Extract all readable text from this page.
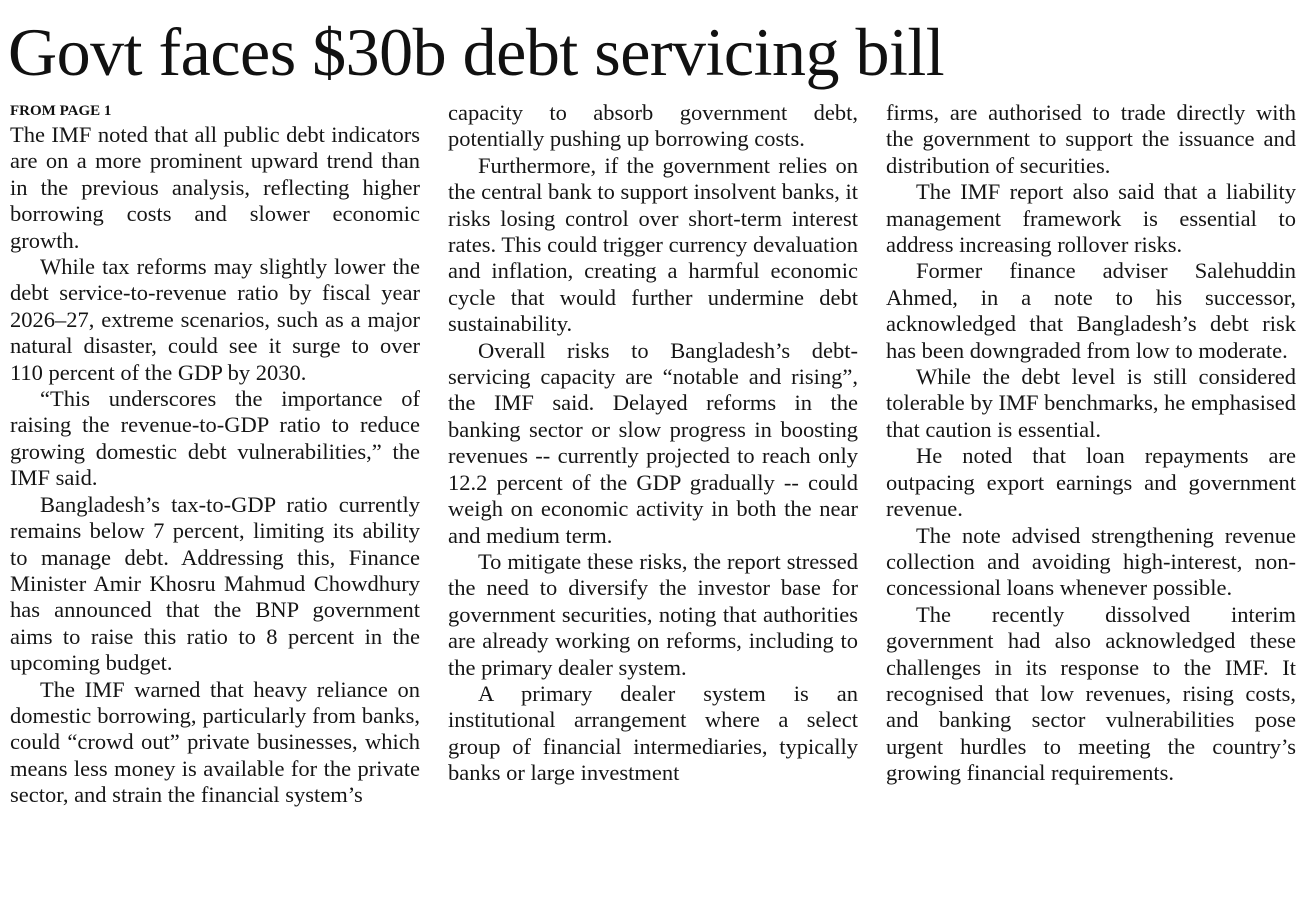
Govt faces $30b debt servicing bill
FROM PAGE 1

The IMF noted that all public debt indicators are on a more prominent upward trend than in the previous analysis, reflecting higher borrowing costs and slower economic growth.

While tax reforms may slightly lower the debt service-to-revenue ratio by fiscal year 2026–27, extreme scenarios, such as a major natural disaster, could see it surge to over 110 percent of the GDP by 2030.

“This underscores the importance of raising the revenue-to-GDP ratio to reduce growing domestic debt vulnerabilities,” the IMF said.

Bangladesh’s tax-to-GDP ratio currently remains below 7 percent, limiting its ability to manage debt. Addressing this, Finance Minister Amir Khosru Mahmud Chowdhury has announced that the BNP government aims to raise this ratio to 8 percent in the upcoming budget.

The IMF warned that heavy reliance on domestic borrowing, particularly from banks, could “crowd out” private businesses, which means less money is available for the private sector, and strain the financial system’s

capacity to absorb government debt, potentially pushing up borrowing costs.

Furthermore, if the government relies on the central bank to support insolvent banks, it risks losing control over short-term interest rates. This could trigger currency devaluation and inflation, creating a harmful economic cycle that would further undermine debt sustainability.

Overall risks to Bangladesh’s debt-servicing capacity are “notable and rising”, the IMF said. Delayed reforms in the banking sector or slow progress in boosting revenues -- currently projected to reach only 12.2 percent of the GDP gradually -- could weigh on economic activity in both the near and medium term.

To mitigate these risks, the report stressed the need to diversify the investor base for government securities, noting that authorities are already working on reforms, including to the primary dealer system.

A primary dealer system is an institutional arrangement where a select group of financial intermediaries, typically banks or large investment

firms, are authorised to trade directly with the government to support the issuance and distribution of securities.

The IMF report also said that a liability management framework is essential to address increasing rollover risks.

Former finance adviser Salehuddin Ahmed, in a note to his successor, acknowledged that Bangladesh’s debt risk has been downgraded from low to moderate.

While the debt level is still considered tolerable by IMF benchmarks, he emphasised that caution is essential.

He noted that loan repayments are outpacing export earnings and government revenue.

The note advised strengthening revenue collection and avoiding high-interest, non-concessional loans whenever possible.

The recently dissolved interim government had also acknowledged these challenges in its response to the IMF. It recognised that low revenues, rising costs, and banking sector vulnerabilities pose urgent hurdles to meeting the country’s growing financial requirements.
